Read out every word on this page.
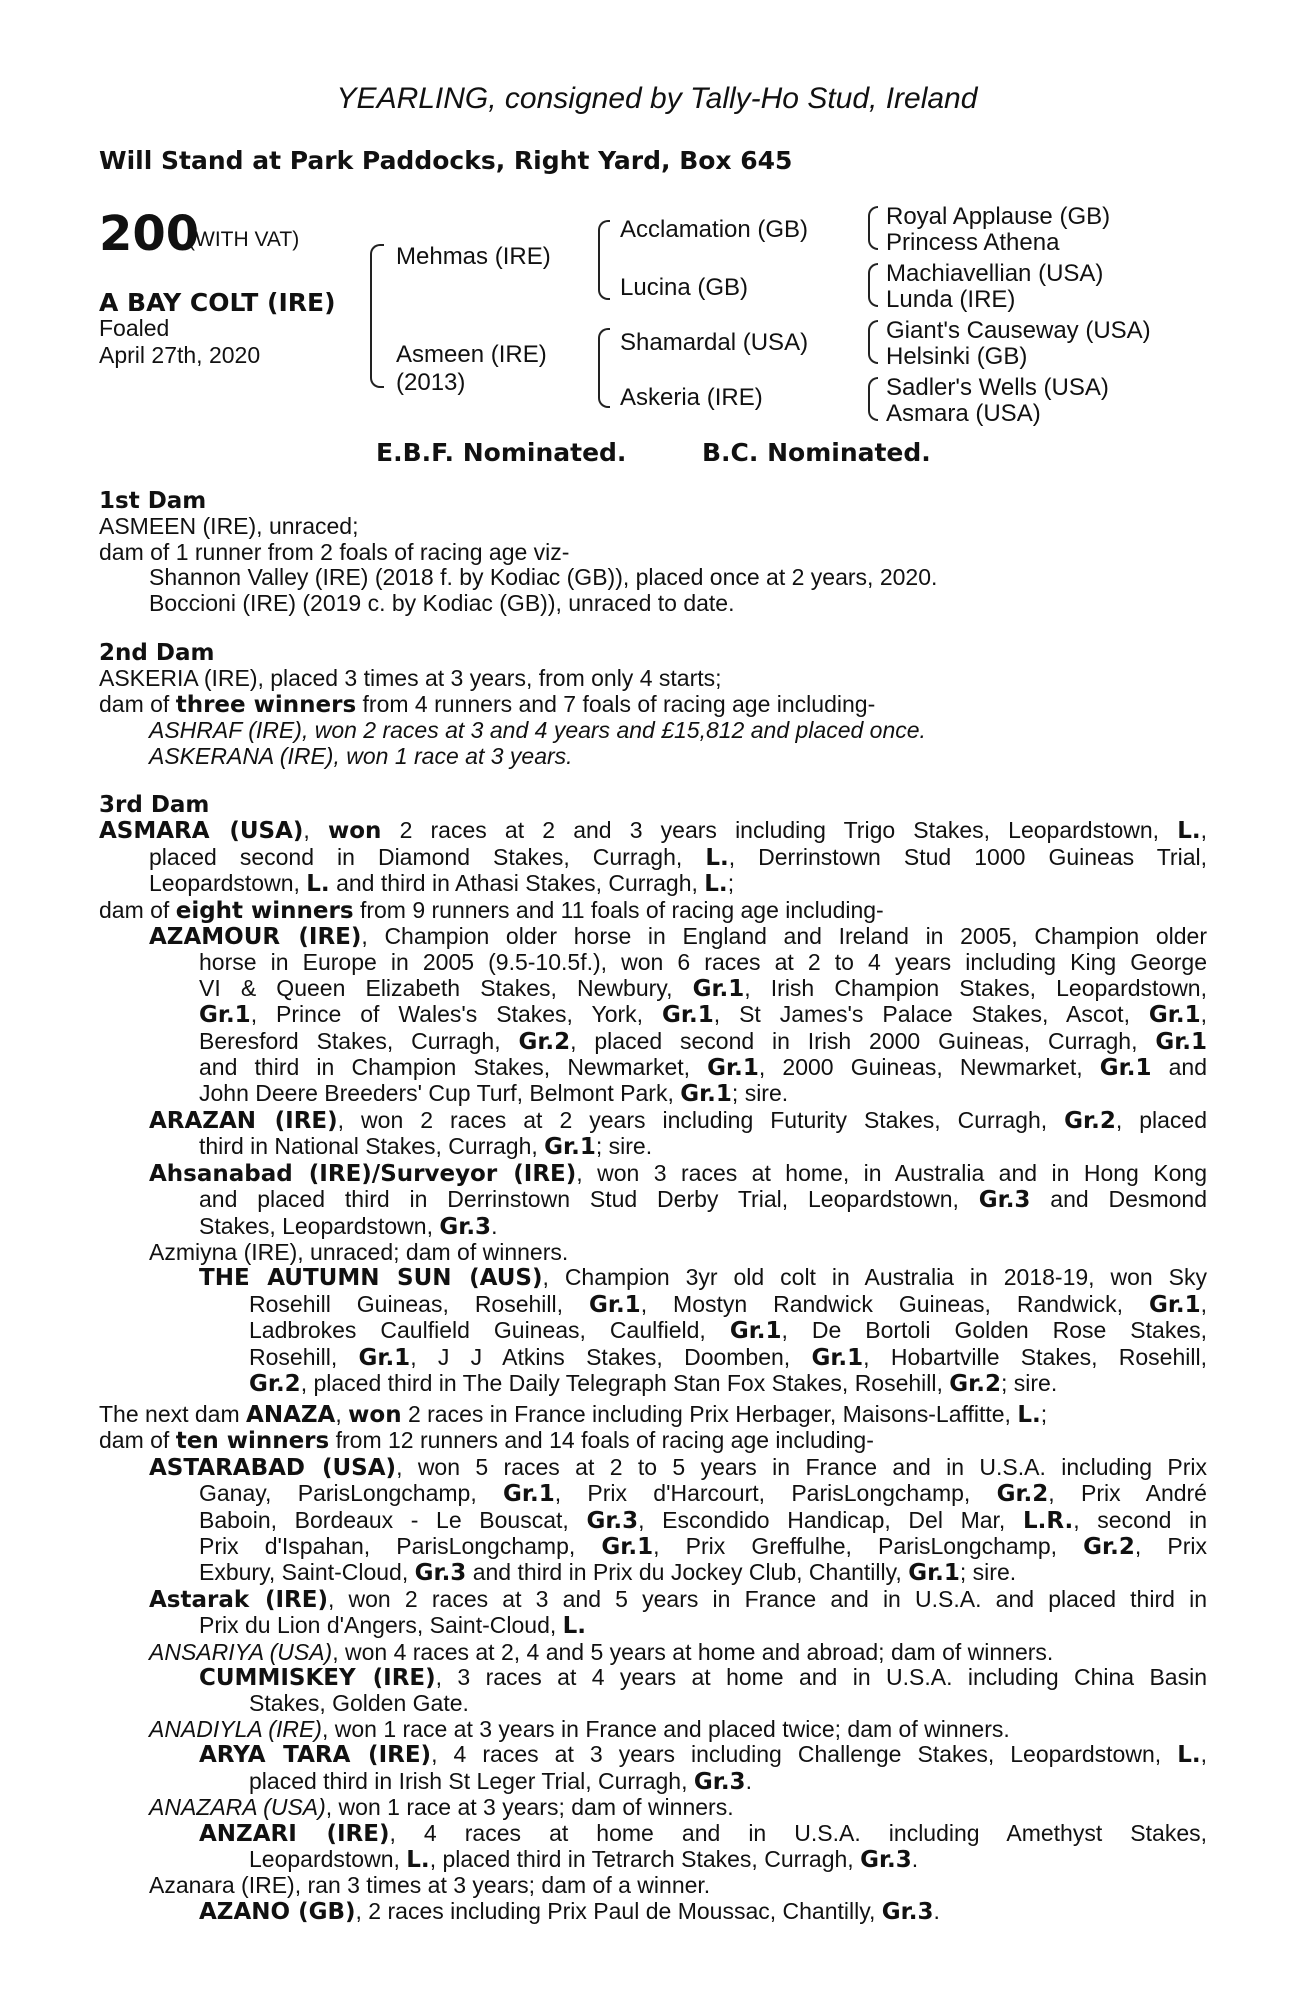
YEARLING, consigned by Tally-Ho Stud, Ireland
Will Stand at Park Paddocks, Right Yard, Box 645
200
(WITH VAT)
A BAY COLT (IRE)
Foaled
April 27th, 2020
Mehmas (IRE)
Asmeen (IRE)
(2013)
Acclamation (GB)
Lucina (GB)
Shamardal (USA)
Askeria (IRE)
Royal Applause (GB)
Princess Athena
Machiavellian (USA)
Lunda (IRE)
Giant's Causeway (USA)
Helsinki (GB)
Sadler's Wells (USA)
Asmara (USA)
E.B.F. Nominated.	B.C. Nominated.
1st Dam
ASMEEN (IRE), unraced;
dam of 1 runner from 2 foals of racing age viz-
Shannon Valley (IRE) (2018 f. by Kodiac (GB)), placed once at 2 years, 2020.
Boccioni (IRE) (2019 c. by Kodiac (GB)), unraced to date.
2nd Dam
ASKERIA (IRE), placed 3 times at 3 years, from only 4 starts;
dam of three winners from 4 runners and 7 foals of racing age including-
ASHRAF (IRE), won 2 races at 3 and 4 years and £15,812 and placed once.
ASKERANA (IRE), won 1 race at 3 years.
3rd Dam
ASMARA (USA), won 2 races at 2 and 3 years including Trigo Stakes, Leopardstown, L.,
placed second in Diamond Stakes, Curragh, L., Derrinstown Stud 1000 Guineas Trial,
Leopardstown, L. and third in Athasi Stakes, Curragh, L.;
dam of eight winners from 9 runners and 11 foals of racing age including-
AZAMOUR (IRE), Champion older horse in England and Ireland in 2005, Champion older
horse in Europe in 2005 (9.5-10.5f.), won 6 races at 2 to 4 years including King George
VI & Queen Elizabeth Stakes, Newbury, Gr.1, Irish Champion Stakes, Leopardstown,
Gr.1, Prince of Wales's Stakes, York, Gr.1, St James's Palace Stakes, Ascot, Gr.1,
Beresford Stakes, Curragh, Gr.2, placed second in Irish 2000 Guineas, Curragh, Gr.1
and third in Champion Stakes, Newmarket, Gr.1, 2000 Guineas, Newmarket, Gr.1 and
John Deere Breeders' Cup Turf, Belmont Park, Gr.1; sire.
ARAZAN (IRE), won 2 races at 2 years including Futurity Stakes, Curragh, Gr.2, placed
third in National Stakes, Curragh, Gr.1; sire.
Ahsanabad (IRE)/Surveyor (IRE), won 3 races at home, in Australia and in Hong Kong
and placed third in Derrinstown Stud Derby Trial, Leopardstown, Gr.3 and Desmond
Stakes, Leopardstown, Gr.3.
Azmiyna (IRE), unraced; dam of winners.
THE AUTUMN SUN (AUS), Champion 3yr old colt in Australia in 2018-19, won Sky
Rosehill Guineas, Rosehill, Gr.1, Mostyn Randwick Guineas, Randwick, Gr.1,
Ladbrokes Caulfield Guineas, Caulfield, Gr.1, De Bortoli Golden Rose Stakes,
Rosehill, Gr.1, J J Atkins Stakes, Doomben, Gr.1, Hobartville Stakes, Rosehill,
Gr.2, placed third in The Daily Telegraph Stan Fox Stakes, Rosehill, Gr.2; sire.
The next dam ANAZA, won 2 races in France including Prix Herbager, Maisons-Laffitte, L.;
dam of ten winners from 12 runners and 14 foals of racing age including-
ASTARABAD (USA), won 5 races at 2 to 5 years in France and in U.S.A. including Prix
Ganay, ParisLongchamp, Gr.1, Prix d'Harcourt, ParisLongchamp, Gr.2, Prix André
Baboin, Bordeaux - Le Bouscat, Gr.3, Escondido Handicap, Del Mar, L.R., second in
Prix d'Ispahan, ParisLongchamp, Gr.1, Prix Greffulhe, ParisLongchamp, Gr.2, Prix
Exbury, Saint-Cloud, Gr.3 and third in Prix du Jockey Club, Chantilly, Gr.1; sire.
Astarak (IRE), won 2 races at 3 and 5 years in France and in U.S.A. and placed third in
Prix du Lion d'Angers, Saint-Cloud, L.
ANSARIYA (USA), won 4 races at 2, 4 and 5 years at home and abroad; dam of winners.
CUMMISKEY (IRE), 3 races at 4 years at home and in U.S.A. including China Basin
Stakes, Golden Gate.
ANADIYLA (IRE), won 1 race at 3 years in France and placed twice; dam of winners.
ARYA TARA (IRE), 4 races at 3 years including Challenge Stakes, Leopardstown, L.,
placed third in Irish St Leger Trial, Curragh, Gr.3.
ANAZARA (USA), won 1 race at 3 years; dam of winners.
ANZARI (IRE), 4 races at home and in U.S.A. including Amethyst Stakes,
Leopardstown, L., placed third in Tetrarch Stakes, Curragh, Gr.3.
Azanara (IRE), ran 3 times at 3 years; dam of a winner.
AZANO (GB), 2 races including Prix Paul de Moussac, Chantilly, Gr.3.
